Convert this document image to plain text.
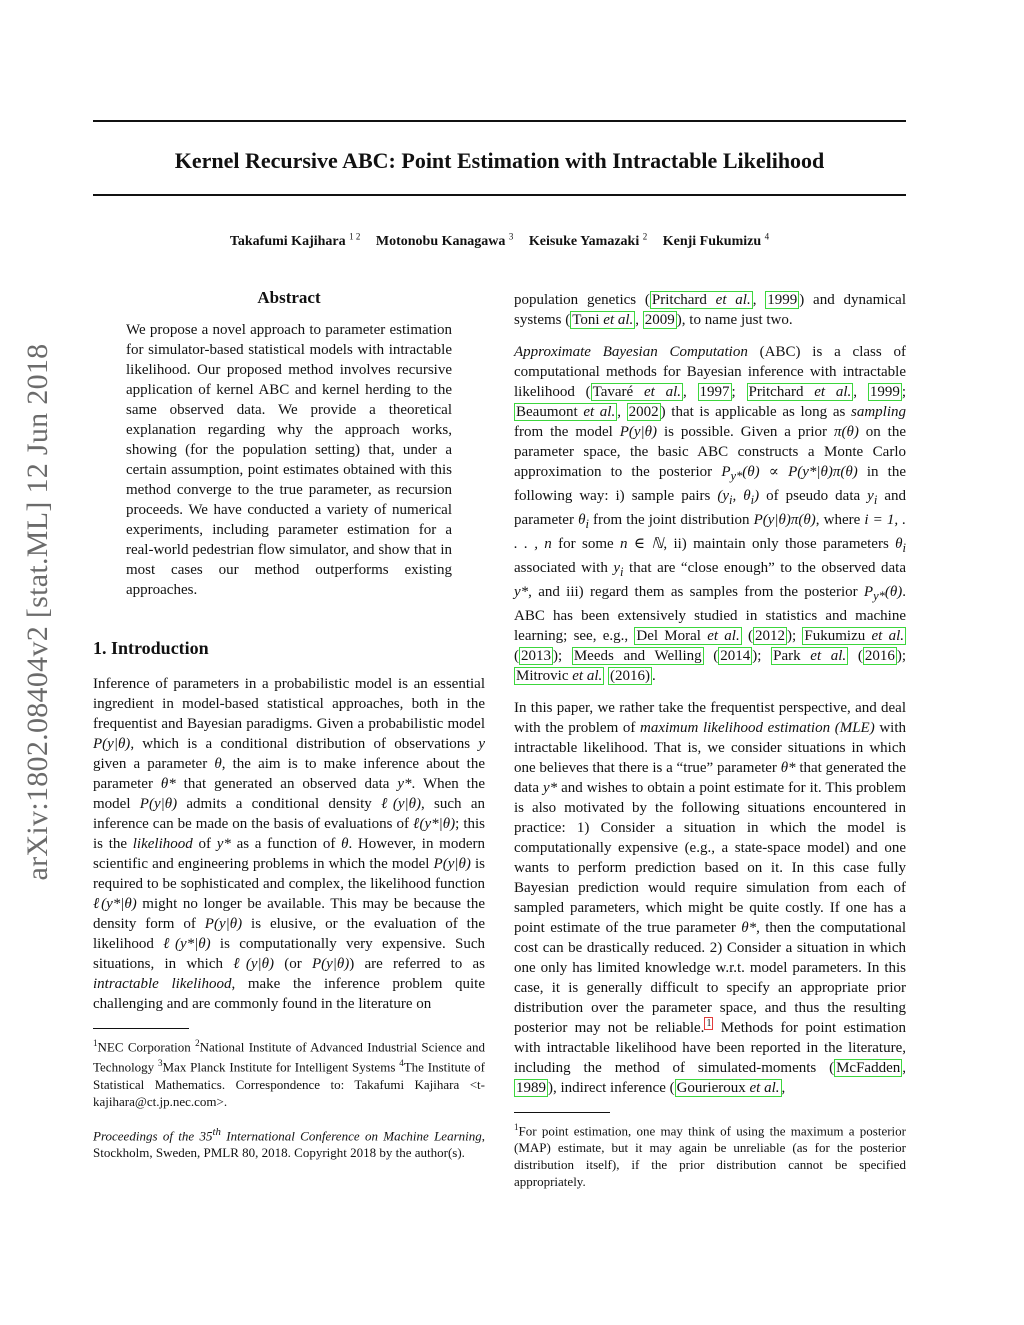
arXiv:1802.08404v2 [stat.ML] 12 Jun 2018
Kernel Recursive ABC: Point Estimation with Intractable Likelihood
Takafumi Kajihara $^{1 2}$ Motonobu Kanagawa $^3$ Keisuke Yamazaki $^2$ Kenji Fukumizu $^4$
Abstract

We propose a novel approach to parameter estimation for simulator-based statistical models with intractable likelihood. Our proposed method involves recursive application of kernel ABC and kernel herding to the same observed data. We provide a theoretical explanation regarding why the approach works, showing (for the population setting) that, under a certain assumption, point estimates obtained with this method converge to the true parameter, as recursion proceeds. We have conducted a variety of numerical experiments, including parameter estimation for a real-world pedestrian flow simulator, and show that in most cases our method outperforms existing approaches.

1. Introduction

Inference of parameters in a probabilistic model is an essential ingredient in model-based statistical approaches, both in the frequentist and Bayesian paradigms. Given a probabilistic model P(y|θ), which is a conditional distribution of observations y given a parameter θ, the aim is to make inference about the parameter θ* that generated an observed data y*. When the model P(y|θ) admits a conditional density ℓ(y|θ), such an inference can be made on the basis of evaluations of ℓ(y*|θ); this is the likelihood of y* as a function of θ. However, in modern scientific and engineering problems in which the model P(y|θ) is required to be sophisticated and complex, the likelihood function ℓ(y*|θ) might no longer be available. This may be because the density form of P(y|θ) is elusive, or the evaluation of the likelihood ℓ(y*|θ) is computationally very expensive. Such situations, in which ℓ(y|θ) (or P(y|θ)) are referred to as intractable likelihood, make the inference problem quite challenging and are commonly found in the literature on

$^1$NEC Corporation $^2$National Institute of Advanced Industrial Science and Technology $^3$Max Planck Institute for Intelligent Systems $^4$The Institute of Statistical Mathematics. Correspondence to: Takafumi Kajihara <t-kajihara@ct.jp.nec.com>.

Proceedings of the 35th International Conference on Machine Learning, Stockholm, Sweden, PMLR 80, 2018. Copyright 2018 by the author(s).

population genetics ( Pritchard et al. , 1999 ) and dynamical systems ( Toni et al. , 2009 ), to name just two.

Approximate Bayesian Computation (ABC) is a class of computational methods for Bayesian inference with intractable likelihood ( Tavaré et al. , 1997 ; Pritchard et al. , 1999 ; Beaumont et al. , 2002 ) that is applicable as long as sampling from the model P(y|θ) is possible. Given a prior π(θ) on the parameter space, the basic ABC constructs a Monte Carlo approximation to the posterior $P_{y*}(\theta) \propto P(y*|\theta)\pi(\theta)$ in the following way: i) sample pairs ($y_i$, $\theta_i$) of pseudo data $y_i$ and parameter $\theta_i$ from the joint distribution P(y|θ)π(θ), where i = 1, . . . , n for some n ∈ ℕ, ii) maintain only those parameters $\theta_i$ associated with $y_i$ that are “close enough” to the observed data y*, and iii) regard them as samples from the posterior $P_{y*}(\theta)$. ABC has been extensively studied in statistics and machine learning; see, e.g., Del Moral et al. ( 2012 ); Fukumizu et al. ( 2013 ); Meeds and Welling ( 2014 ); Park et al. ( 2016 ); Mitrovic et al. (2016) .

In this paper, we rather take the frequentist perspective, and deal with the problem of maximum likelihood estimation (MLE) with intractable likelihood. That is, we consider situations in which one believes that there is a “true” parameter θ* that generated the data y* and wishes to obtain a point estimate for it. This problem is also motivated by the following situations encountered in practice: 1) Consider a situation in which the model is computationally expensive (e.g., a state-space model) and one wants to perform prediction based on it. In this case fully Bayesian prediction would require simulation from each of sampled parameters, which might be quite costly. If one has a point estimate of the true parameter θ*, then the computational cost can be drastically reduced. 2) Consider a situation in which one only has limited knowledge w.r.t. model parameters. In this case, it is generally difficult to specify an appropriate prior distribution over the parameter space, and thus the resulting posterior may not be reliable. $^1$ Methods for point estimation with intractable likelihood have been reported in the literature, including the method of simulated-moments ( McFadden , 1989 ), indirect inference ( Gourieroux et al. ,

$^1$For point estimation, one may think of using the maximum a posterior (MAP) estimate, but it may again be unreliable (as for the posterior distribution itself), if the prior distribution cannot be specified appropriately.
